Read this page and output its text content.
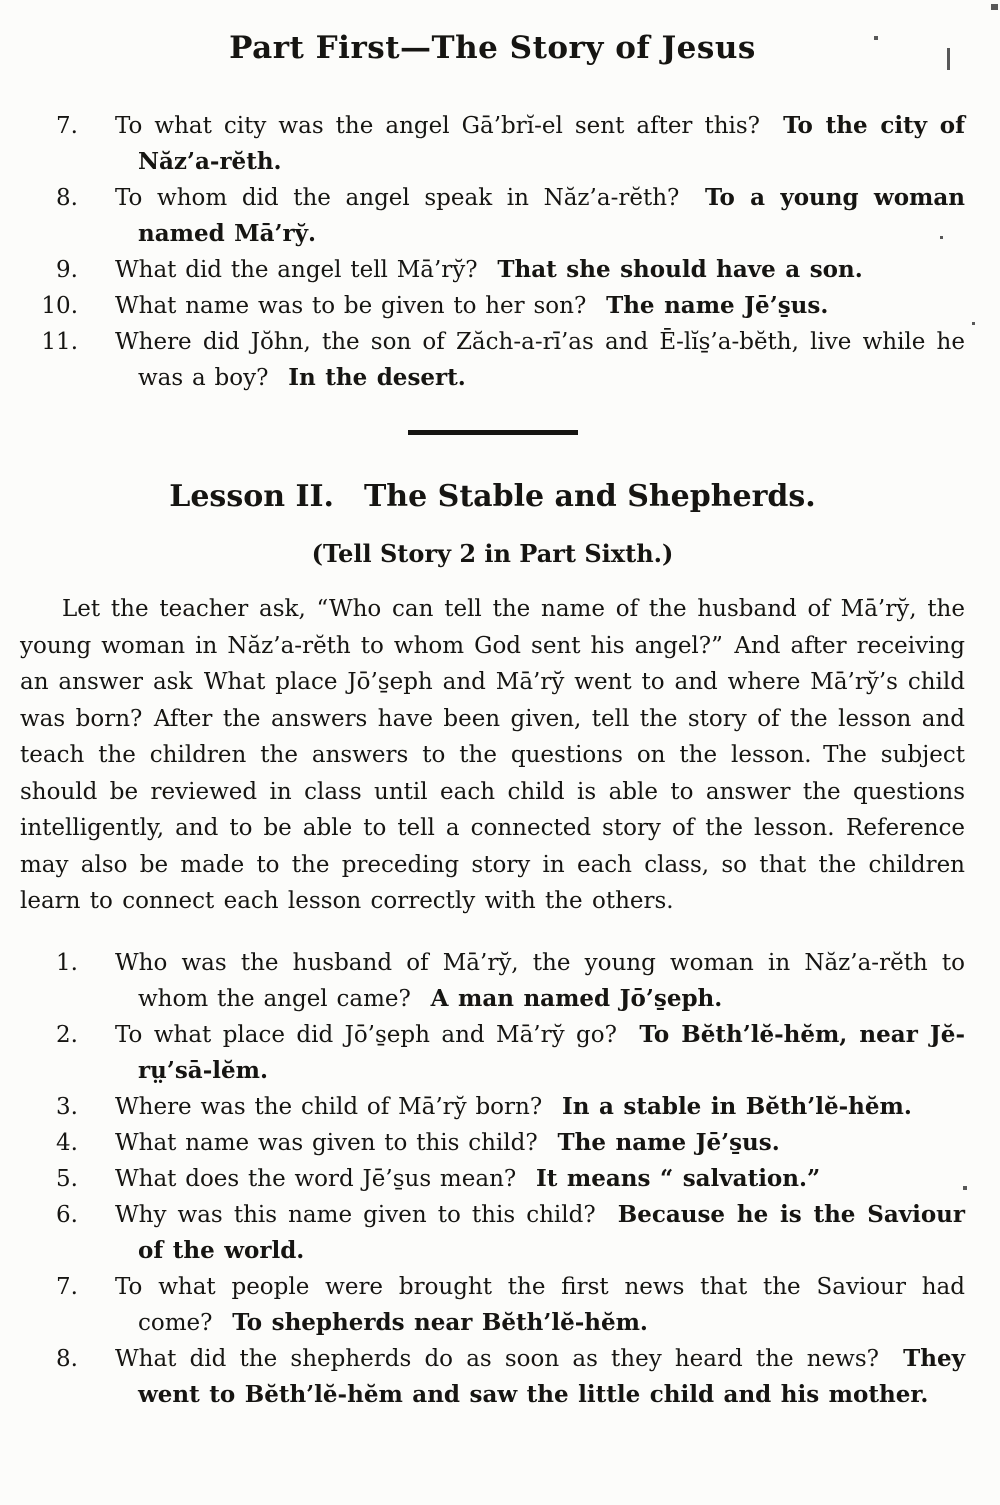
Part First—The Story of Jesus
7. To what city was the angel Gā’brĭ-el sent after this? To the city of Năz’a-rĕth.
8. To whom did the angel speak in Năz’a-rĕth? To a young woman named Mā’ry̆.
9. What did the angel tell Mā’ry̆? That she should have a son.
10. What name was to be given to her son? The name Jē’s̱us.
11. Where did Jŏhn, the son of Zăch-a-rī’as and Ē-lĭs̱’a-bĕth, live while he was a boy? In the desert.
Lesson II. The Stable and Shepherds.
(Tell Story 2 in Part Sixth.)

Let the teacher ask, “Who can tell the name of the husband of Mā’ry̆, the young woman in Năz’a-rĕth to whom God sent his angel?” And after receiving an answer ask What place Jō’s̱eph and Mā’ry̆ went to and where Mā’ry̆’s child was born? After the answers have been given, tell the story of the lesson and teach the children the answers to the questions on the lesson. The subject should be reviewed in class until each child is able to answer the questions intelligently, and to be able to tell a connected story of the lesson. Reference may also be made to the preceding story in each class, so that the children learn to connect each lesson correctly with the others.

1. Who was the husband of Mā’ry̆, the young woman in Năz’a-rĕth to whom the angel came? A man named Jō’s̱eph.
2. To what place did Jō’s̱eph and Mā’ry̆ go? To Bĕth’lĕ-hĕm, near Jĕ-rṳ’sā-lĕm.
3. Where was the child of Mā’ry̆ born? In a stable in Bĕth’lĕ-hĕm.
4. What name was given to this child? The name Jē’s̱us.
5. What does the word Jē’s̱us mean? It means “ salvation.”
6. Why was this name given to this child? Because he is the Saviour of the world.
7. To what people were brought the first news that the Saviour had come? To shepherds near Bĕth’lĕ-hĕm.
8. What did the shepherds do as soon as they heard the news? They went to Bĕth’lĕ-hĕm and saw the little child and his mother.
